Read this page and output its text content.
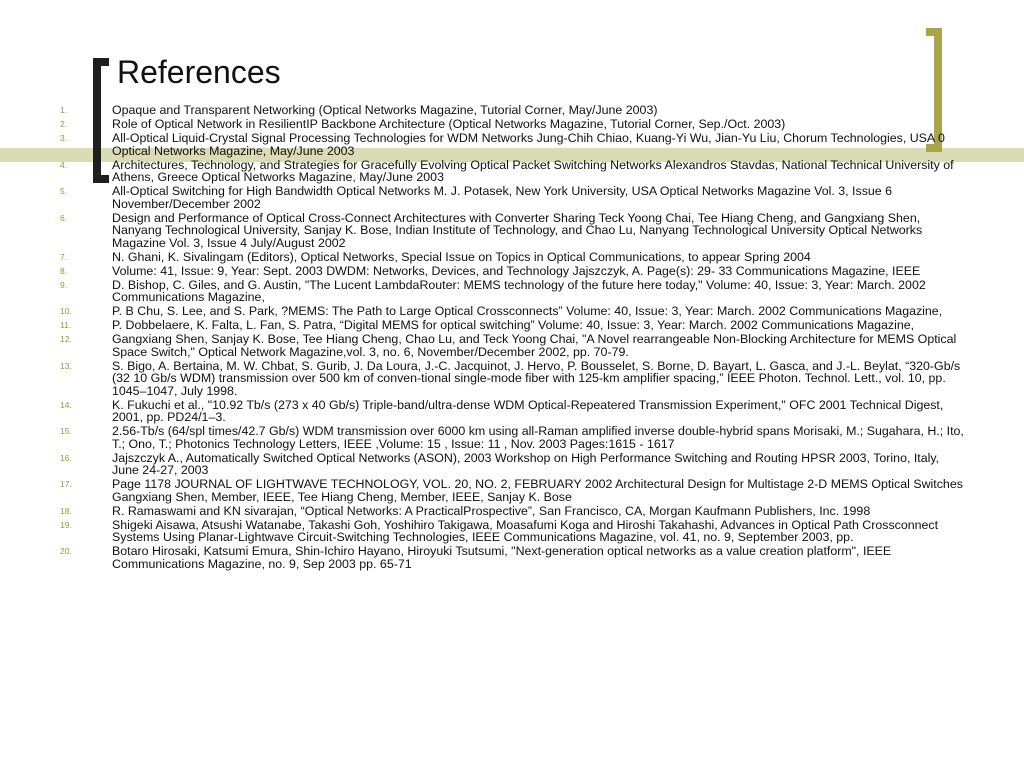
References
1.	Opaque and Transparent Networking (Optical Networks Magazine, Tutorial Corner, May/June 2003)
2.	Role of Optical Network in ResilientIP Backbone Architecture (Optical Networks Magazine, Tutorial Corner, Sep./Oct. 2003)
3.	All-Optical Liquid-Crystal Signal Processing Technologies for WDM Networks Jung-Chih Chiao, Kuang-Yi Wu, Jian-Yu Liu, Chorum Technologies, USA 0 Optical Networks Magazine, May/June 2003
4.	Architectures, Technology, and Strategies for Gracefully Evolving Optical Packet Switching Networks Alexandros Stavdas, National Technical University of Athens, Greece Optical Networks Magazine, May/June 2003
5.	All-Optical Switching for High Bandwidth Optical Networks M. J. Potasek, New York University, USA Optical Networks Magazine Vol. 3, Issue 6 November/December 2002
6.	Design and Performance of Optical Cross-Connect Architectures with Converter Sharing Teck Yoong Chai, Tee Hiang Cheng, and Gangxiang Shen, Nanyang Technological University, Sanjay K. Bose, Indian Institute of Technology, and Chao Lu, Nanyang Technological University Optical Networks Magazine Vol. 3, Issue 4 July/August 2002
7.	N. Ghani, K. Sivalingam (Editors), Optical Networks, Special Issue on Topics in Optical Communications, to appear Spring 2004
8.	Volume: 41, Issue: 9, Year: Sept. 2003 DWDM: Networks, Devices, and Technology Jajszczyk, A. Page(s): 29- 33 Communications Magazine, IEEE
9.	D. Bishop, C. Giles, and G. Austin, "The Lucent LambdaRouter: MEMS technology of the future here today," Volume: 40, Issue: 3, Year: March. 2002 Communications Magazine,
10.	P. B Chu, S. Lee, and S. Park, ?MEMS: The Path to Large Optical Crossconnects” Volume: 40, Issue: 3, Year: March. 2002 Communications Magazine,
11.	P. Dobbelaere, K. Falta, L. Fan, S. Patra, “Digital MEMS for optical switching” Volume: 40, Issue: 3, Year: March. 2002 Communications Magazine,
12.	Gangxiang Shen, Sanjay K. Bose, Tee Hiang Cheng, Chao Lu, and Teck Yoong Chai, "A Novel rearrangeable Non-Blocking Architecture for MEMS Optical Space Switch," Optical Network Magazine,vol. 3, no. 6, November/December 2002, pp. 70-79.
13.	S. Bigo, A. Bertaina, M. W. Chbat, S. Gurib, J. Da Loura, J.-C. Jacquinot, J. Hervo, P. Bousselet, S. Borne, D. Bayart, L. Gasca, and J.-L. Beylat, “320-Gb/s (32 10 Gb/s WDM) transmission over 500 km of conven-tional single-mode fiber with 125-km amplifier spacing,” IEEE Photon. Technol. Lett., vol. 10, pp. 1045–1047, July 1998.
14.	K. Fukuchi et al., "10.92 Tb/s (273 x 40 Gb/s) Triple-band/ultra-dense WDM Optical-Repeatered Transmission Experiment," OFC 2001 Technical Digest, 2001, pp. PD24/1–3.
15.	2.56-Tb/s (64/spl times/42.7 Gb/s) WDM transmission over 6000 km using all-Raman amplified inverse double-hybrid spans Morisaki, M.; Sugahara, H.; Ito, T.; Ono, T.; Photonics Technology Letters, IEEE ,Volume: 15 , Issue: 11 , Nov. 2003 Pages:1615 - 1617
16.	Jajszczyk A., Automatically Switched Optical Networks (ASON), 2003 Workshop on High Performance Switching and Routing HPSR 2003, Torino, Italy, June 24-27, 2003
17.	Page 1178 JOURNAL OF LIGHTWAVE TECHNOLOGY, VOL. 20, NO. 2, FEBRUARY 2002 Architectural Design for Multistage 2-D MEMS Optical Switches Gangxiang Shen, Member, IEEE, Tee Hiang Cheng, Member, IEEE, Sanjay K. Bose
18.	R. Ramaswami and KN sivarajan, “Optical Networks: A PracticalProspective”, San Francisco, CA, Morgan Kaufmann Publishers, Inc. 1998
19.	Shigeki Aisawa, Atsushi Watanabe, Takashi Goh, Yoshihiro Takigawa, Moasafumi Koga and Hiroshi Takahashi, Advances in Optical Path Crossconnect Systems Using Planar-Lightwave Circuit-Switching Technologies, IEEE Communications Magazine, vol. 41, no. 9, September 2003, pp.
20.	Botaro Hirosaki, Katsumi Emura, Shin-Ichiro Hayano, Hiroyuki Tsutsumi, "Next-generation optical networks as a value creation platform", IEEE Communications Magazine, no. 9, Sep 2003 pp. 65-71
